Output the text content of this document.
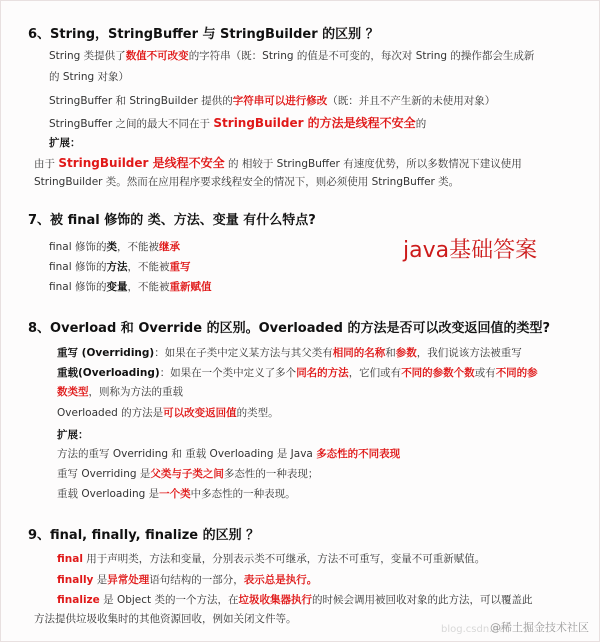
6、String，StringBuffer 与 StringBuilder 的区别 ？
String 类提供了数值不可改变的字符串（既：String 的值是不可变的，每次对 String 的操作都会生成新
的 String 对象）
StringBuffer 和 StringBuilder 提供的字符串可以进行修改（既：并且不产生新的未使用对象）
StringBuffer 之间的最大不同在于 StringBuilder 的方法是线程不安全的
扩展：
由于 StringBuilder 是线程不安全 的 相较于 StringBuffer 有速度优势，所以多数情况下建议使用
StringBuilder 类。然而在应用程序要求线程安全的情况下，则必须使用 StringBuffer 类。
7、被 final 修饰的 类、方法、变量 有什么特点?
final 修饰的类，不能被继承
final 修饰的方法，不能被重写
final 修饰的变量，不能被重新赋值
java基础答案
8、Overload 和 Override 的区别。Overloaded 的方法是否可以改变返回值的类型?
重写 (Overriding)：如果在子类中定义某方法与其父类有相同的名称和参数，我们说该方法被重写
重载(Overloading)：如果在一个类中定义了多个同名的方法，它们或有不同的参数个数或有不同的参
数类型，则称为方法的重载
Overloaded 的方法是可以改变返回值的类型。
扩展：
方法的重写 Overriding 和 重载 Overloading 是 Java 多态性的不同表现
重写 Overriding 是父类与子类之间多态性的一种表现；
重载 Overloading 是一个类中多态性的一种表现。
9、final, finally, finalize 的区别 ？
final 用于声明类，方法和变量，分别表示类不可继承，方法不可重写，变量不可重新赋值。
finally 是异常处理语句结构的一部分，表示总是执行。
finalize 是 Object 类的一个方法，在垃圾收集器执行的时候会调用被回收对象的此方法，可以覆盖此
方法提供垃圾收集时的其他资源回收，例如关闭文件等。
blog.csdn.net
@稀土掘金技术社区
